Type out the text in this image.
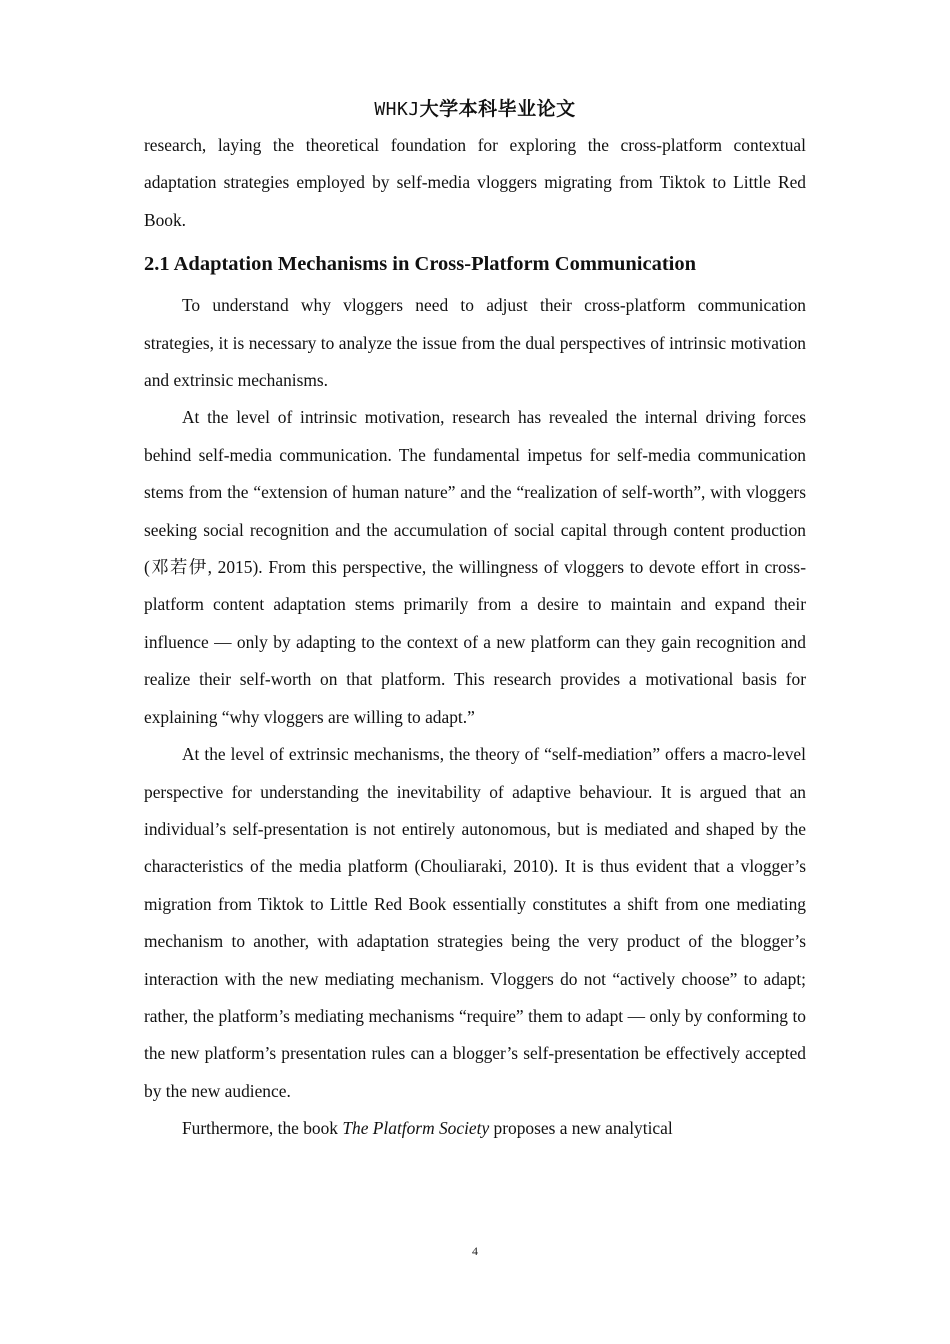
WHKJ大学本科毕业论文

research, laying the theoretical foundation for exploring the cross-platform contextual adaptation strategies employed by self-media vloggers migrating from Tiktok to Little Red Book.

2.1 Adaptation Mechanisms in Cross-Platform Communication

To understand why vloggers need to adjust their cross-platform communication strategies, it is necessary to analyze the issue from the dual perspectives of intrinsic motivation and extrinsic mechanisms.

At the level of intrinsic motivation, research has revealed the internal driving forces behind self-media communication. The fundamental impetus for self-media communication stems from the “extension of human nature” and the “realization of self-worth”, with vloggers seeking social recognition and the accumulation of social capital through content production (邓若伊, 2015). From this perspective, the willingness of vloggers to devote effort in cross-platform content adaptation stems primarily from a desire to maintain and expand their influence — only by adapting to the context of a new platform can they gain recognition and realize their self-worth on that platform. This research provides a motivational basis for explaining “why vloggers are willing to adapt.”

At the level of extrinsic mechanisms, the theory of “self-mediation” offers a macro-level perspective for understanding the inevitability of adaptive behaviour. It is argued that an individual’s self-presentation is not entirely autonomous, but is mediated and shaped by the characteristics of the media platform (Chouliaraki, 2010). It is thus evident that a vlogger’s migration from Tiktok to Little Red Book essentially constitutes a shift from one mediating mechanism to another, with adaptation strategies being the very product of the blogger’s interaction with the new mediating mechanism. Vloggers do not “actively choose” to adapt; rather, the platform’s mediating mechanisms “require” them to adapt — only by conforming to the new platform’s presentation rules can a blogger’s self-presentation be effectively accepted by the new audience.

Furthermore, the book The Platform Society proposes a new analytical

4
